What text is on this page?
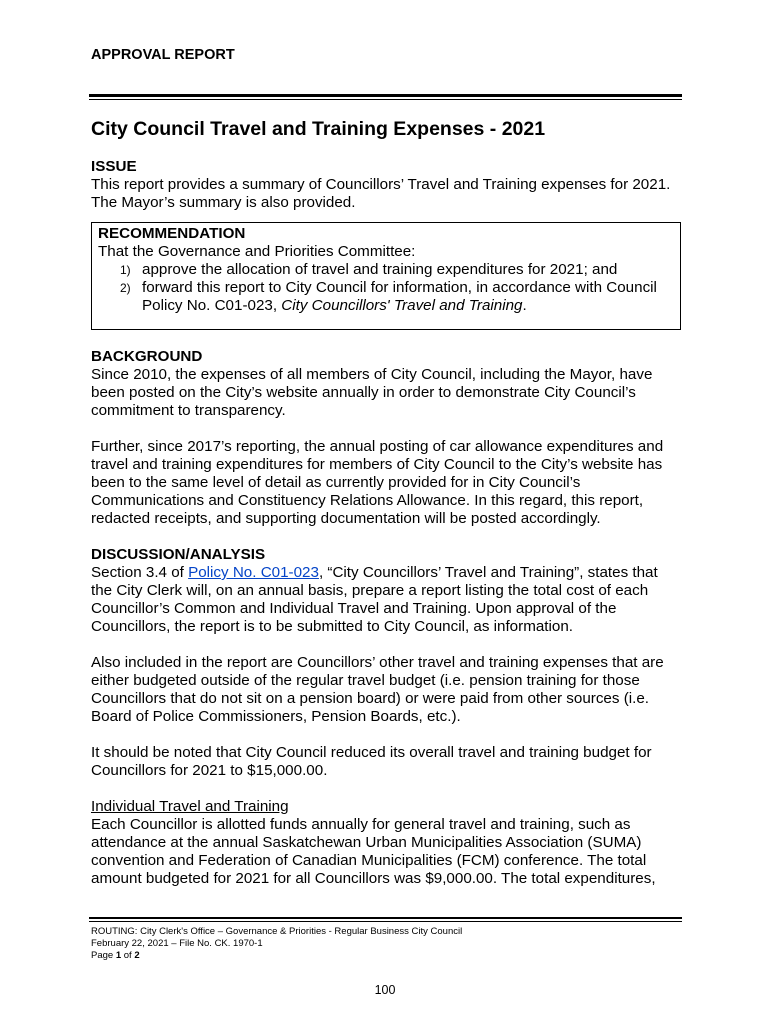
APPROVAL REPORT
City Council Travel and Training Expenses - 2021

ISSUE

This report provides a summary of Councillors’ Travel and Training expenses for 2021.

The Mayor’s summary is also provided.

RECOMMENDATION

That the Governance and Priorities Committee:

1) approve the allocation of travel and training expenditures for 2021; and
2) forward this report to City Council for information, in accordance with Council
Policy No. C01-023, City Councillors' Travel and Training.

BACKGROUND

Since 2010, the expenses of all members of City Council, including the Mayor, have

been posted on the City’s website annually in order to demonstrate City Council’s

commitment to transparency.

Further, since 2017’s reporting, the annual posting of car allowance expenditures and

travel and training expenditures for members of City Council to the City’s website has

been to the same level of detail as currently provided for in City Council’s

Communications and Constituency Relations Allowance. In this regard, this report,

redacted receipts, and supporting documentation will be posted accordingly.

DISCUSSION/ANALYSIS

Section 3.4 of Policy No. C01-023, “City Councillors’ Travel and Training”, states that

the City Clerk will, on an annual basis, prepare a report listing the total cost of each

Councillor’s Common and Individual Travel and Training. Upon approval of the

Councillors, the report is to be submitted to City Council, as information.

Also included in the report are Councillors’ other travel and training expenses that are

either budgeted outside of the regular travel budget (i.e. pension training for those

Councillors that do not sit on a pension board) or were paid from other sources (i.e.

Board of Police Commissioners, Pension Boards, etc.).

It should be noted that City Council reduced its overall travel and training budget for

Councillors for 2021 to $15,000.00.

Individual Travel and Training

Each Councillor is allotted funds annually for general travel and training, such as

attendance at the annual Saskatchewan Urban Municipalities Association (SUMA)

convention and Federation of Canadian Municipalities (FCM) conference. The total

amount budgeted for 2021 for all Councillors was $9,000.00. The total expenditures,

ROUTING: City Clerk's Office – Governance & Priorities - Regular Business City Council
February 22, 2021 – File No. CK. 1970-1
Page 1 of 2
100
